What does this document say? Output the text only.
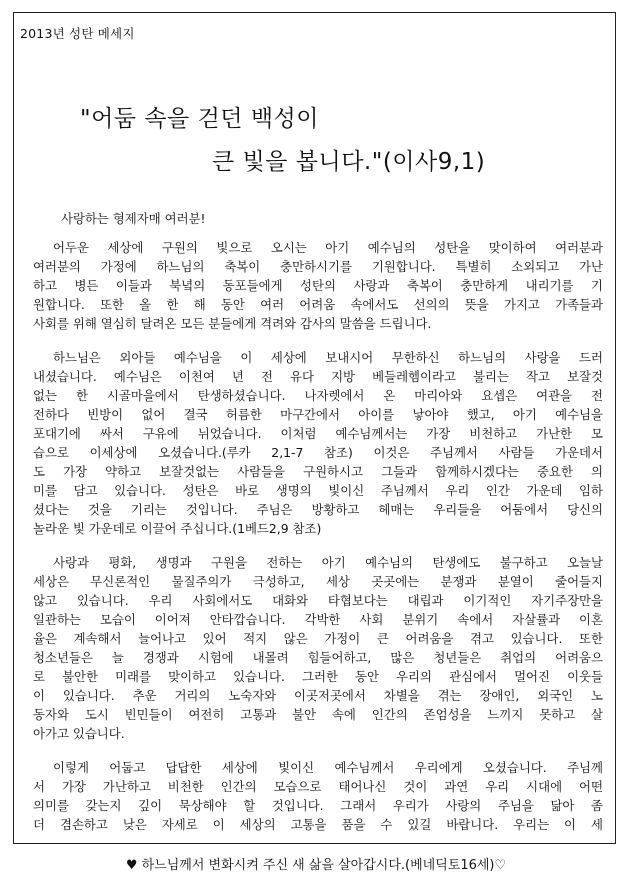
2013년 성탄 메세지
"어둠 속을 걷던 백성이
큰 빛을 봅니다."(이사9,1)
사랑하는 형제자매 여러분!

어두운 세상에 구원의 빛으로 오시는 아기 예수님의 성탄을 맞이하여 여러분과

여러분의 가정에 하느님의 축복이 충만하시기를 기원합니다. 특별히 소외되고 가난

하고 병든 이들과 북녘의 동포들에게 성탄의 사랑과 축복이 충만하게 내리기를 기

원합니다. 또한 올 한 해 동안 여러 어려움 속에서도 선의의 뜻을 가지고 가족들과

사회를 위해 열심히 달려온 모든 분들에게 격려와 감사의 말씀을 드립니다.

하느님은 외아들 예수님을 이 세상에 보내시어 무한하신 하느님의 사랑을 드러

내셨습니다. 예수님은 이천여 년 전 유다 지방 베들레헴이라고 불리는 작고 보잘것

없는 한 시골마을에서 탄생하셨습니다. 나자렛에서 온 마리아와 요셉은 여관을 전

전하다 빈방이 없어 결국 허름한 마구간에서 아이를 낳아야 했고, 아기 예수님을

포대기에 싸서 구유에 뉘었습니다. 이처럼 예수님께서는 가장 비천하고 가난한 모

습으로 이세상에 오셨습니다.(루카 2,1-7 참조) 이것은 주님께서 사람들 가운데서

도 가장 약하고 보잘것없는 사람들을 구원하시고 그들과 함께하시겠다는 중요한 의

미를 담고 있습니다. 성탄은 바로 생명의 빛이신 주님께서 우리 인간 가운데 임하

셨다는 것을 기리는 것입니다. 주님은 방황하고 헤매는 우리들을 어둠에서 당신의

놀라운 빛 가운데로 이끌어 주십니다.(1베드2,9 참조)

사랑과 평화, 생명과 구원을 전하는 아기 예수님의 탄생에도 불구하고 오늘날

세상은 무신론적인 물질주의가 극성하고, 세상 곳곳에는 분쟁과 분열이 줄어들지

않고 있습니다. 우리 사회에서도 대화와 타협보다는 대립과 이기적인 자기주장만을

일관하는 모습이 이어져 안타깝습니다. 각박한 사회 분위기 속에서 자살률과 이혼

율은 계속해서 늘어나고 있어 적지 않은 가정이 큰 어려움을 겪고 있습니다. 또한

청소년들은 늘 경쟁과 시험에 내몰려 힘들어하고, 많은 청년들은 취업의 어려움으

로 불안한 미래를 맞이하고 있습니다. 그러한 동안 우리의 관심에서 멀어진 이웃들

이 있습니다. 추운 거리의 노숙자와 이곳저곳에서 차별을 겪는 장애인, 외국인 노

동자와 도시 빈민들이 여전히 고통과 불안 속에 인간의 존엄성을 느끼지 못하고 살

아가고 있습니다.

이렇게 어둡고 답답한 세상에 빛이신 예수님께서 우리에게 오셨습니다. 주님께

서 가장 가난하고 비천한 인간의 모습으로 태어나신 것이 과연 우리 시대에 어떤

의미를 갖는지 깊이 묵상해야 할 것입니다. 그래서 우리가 사랑의 주님을 닮아 좀

더 겸손하고 낮은 자세로 이 세상의 고통을 품을 수 있길 바랍니다. 우리는 이 세

♥ 하느님께서 변화시켜 주신 새 삶을 살아갑시다.(베네딕토16세)♡
